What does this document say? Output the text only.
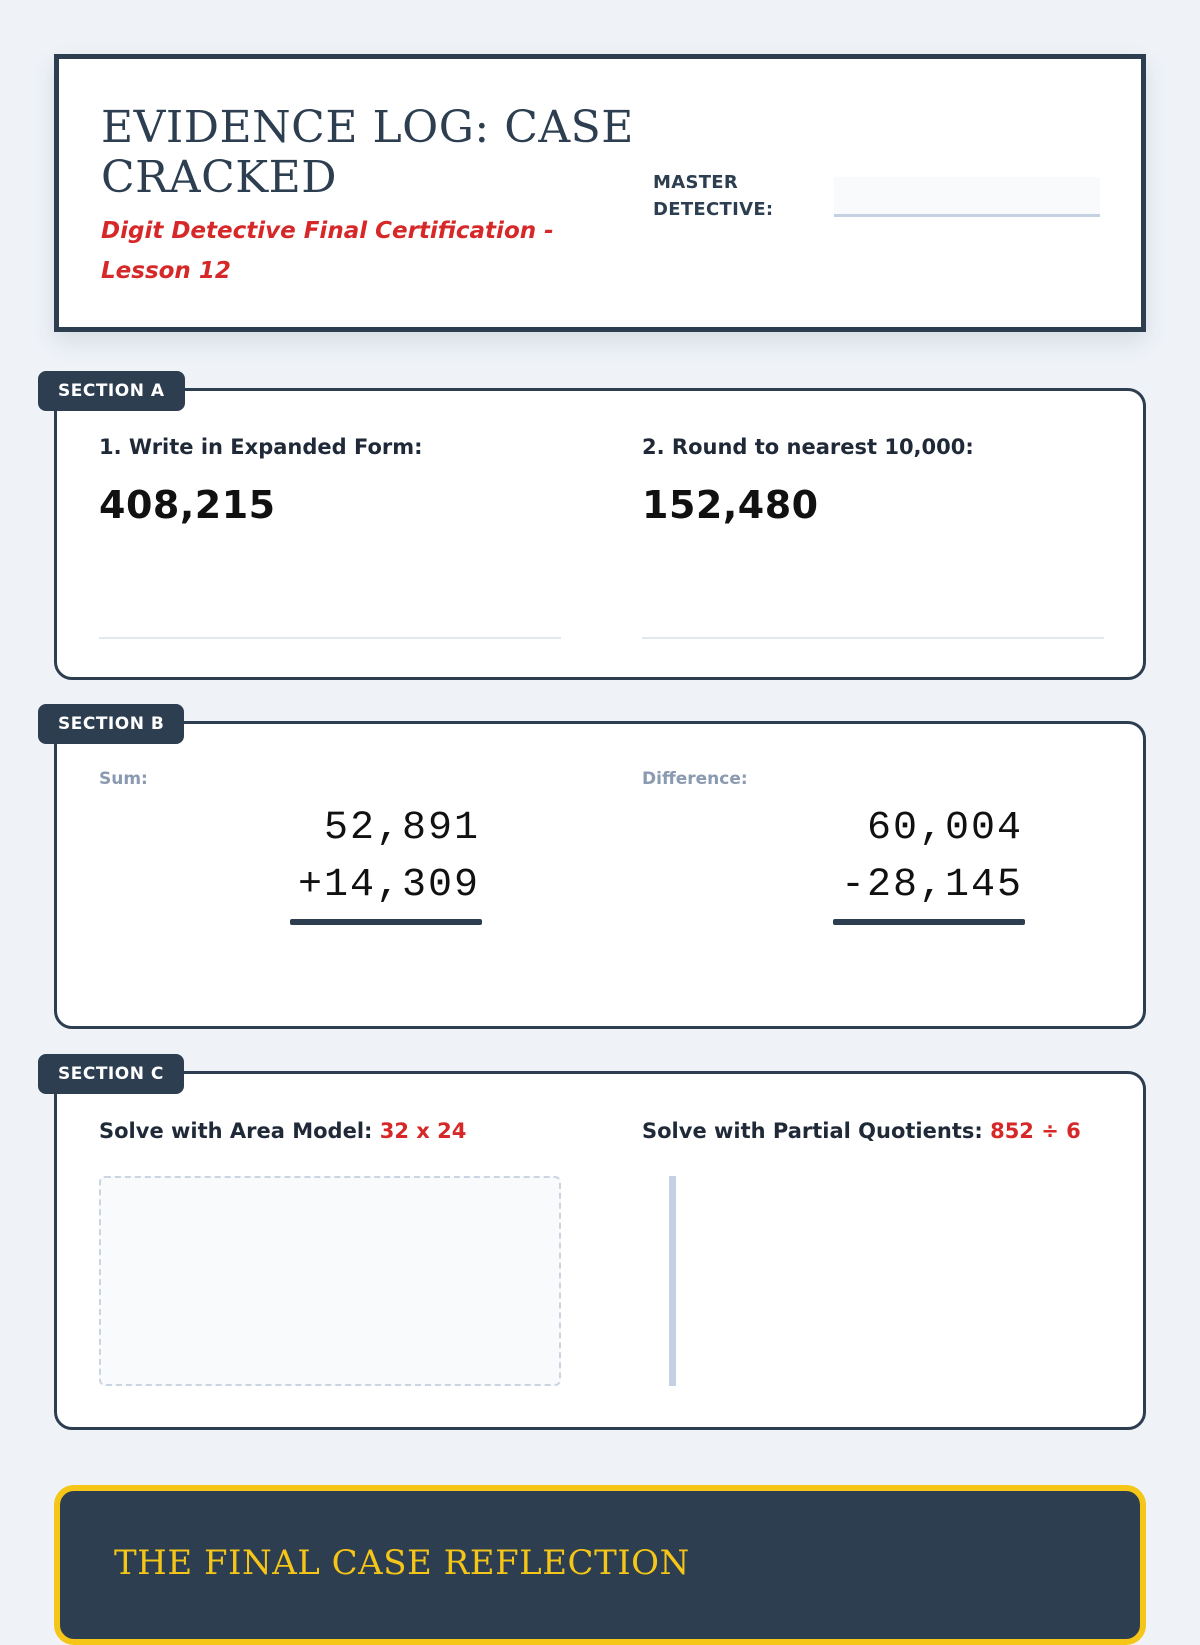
EVIDENCE LOG: CASE CRACKED
Digit Detective Final Certification - Lesson 12
MASTER DETECTIVE:
1. Write in Expanded Form:
408,215
2. Round to nearest 10,000:
152,480
SECTION A
Sum:
52,891
+14,309
Difference:
60,004
-28,145
SECTION B
Solve with Area Model: 32 x 24	Solve with Partial Quotients: 852 ÷ 6
SECTION C
THE FINAL CASE REFLECTION
